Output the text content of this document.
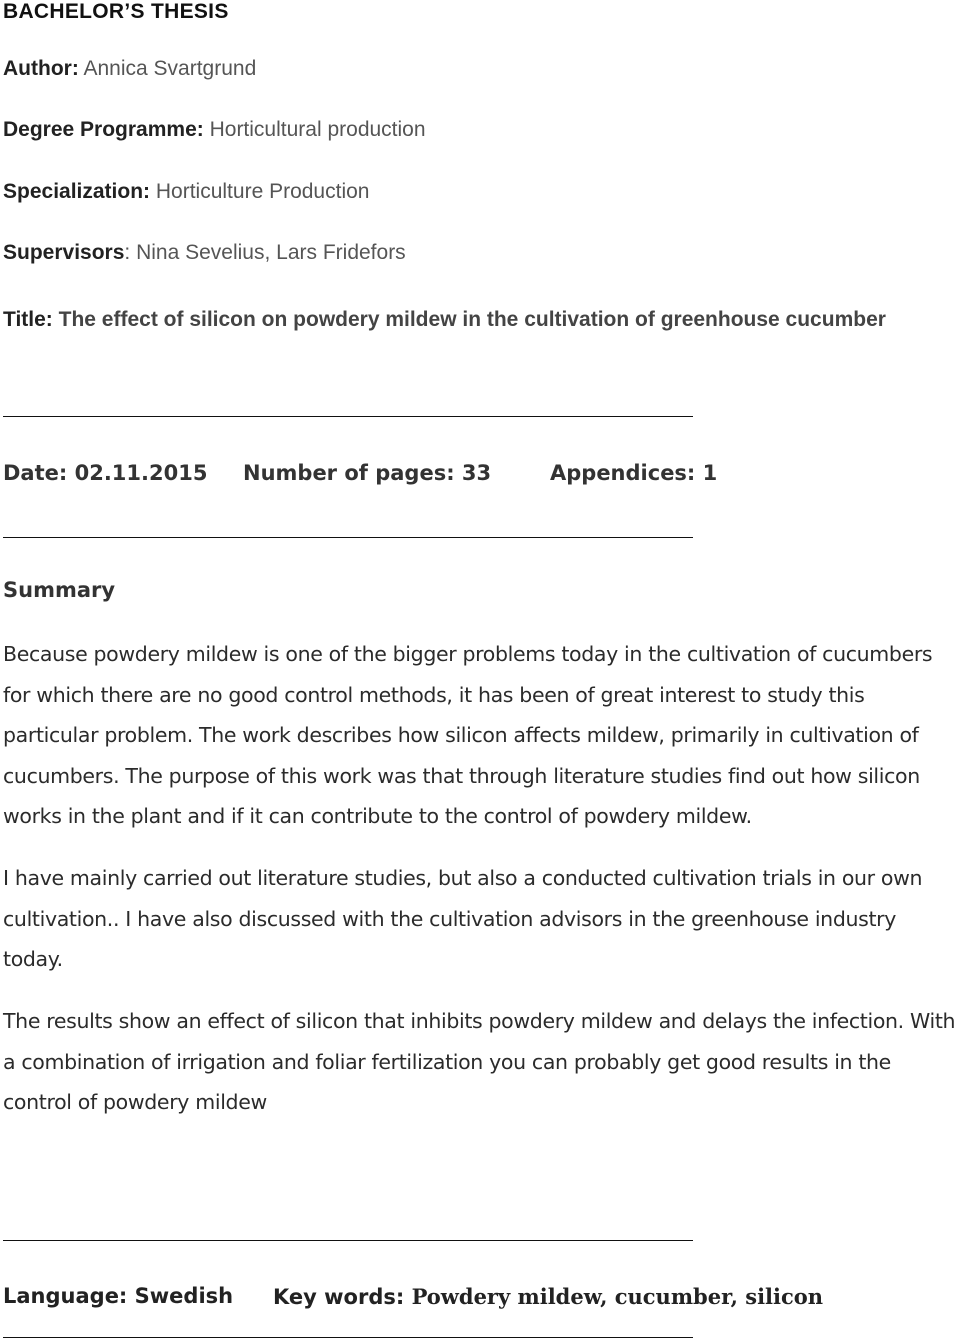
BACHELOR’S THESIS
Author: Annica Svartgrund
Degree Programme: Horticultural production
Specialization: Horticulture Production
Supervisors: Nina Sevelius, Lars Fridefors
Title: The effect of silicon on powdery mildew in the cultivation of greenhouse cucumber
Date: 02.11.2015 Number of pages: 33	Appendices: 1
Summary
Because powdery mildew is one of the bigger problems today in the cultivation of cucumbers for which there are no good control methods, it has been of great interest to study this particular problem. The work describes how silicon affects mildew, primarily in cultivation of cucumbers. The purpose of this work was that through literature studies find out how silicon works in the plant and if it can contribute to the control of powdery mildew.
I have mainly carried out literature studies, but also a conducted cultivation trials in our own cultivation.. I have also discussed with the cultivation advisors in the greenhouse industry today.
The results show an effect of silicon that inhibits powdery mildew and delays the infection. With a combination of irrigation and foliar fertilization you can probably get good results in the control of powdery mildew
Language: Swedish Key words: Powdery mildew, cucumber, silicon
